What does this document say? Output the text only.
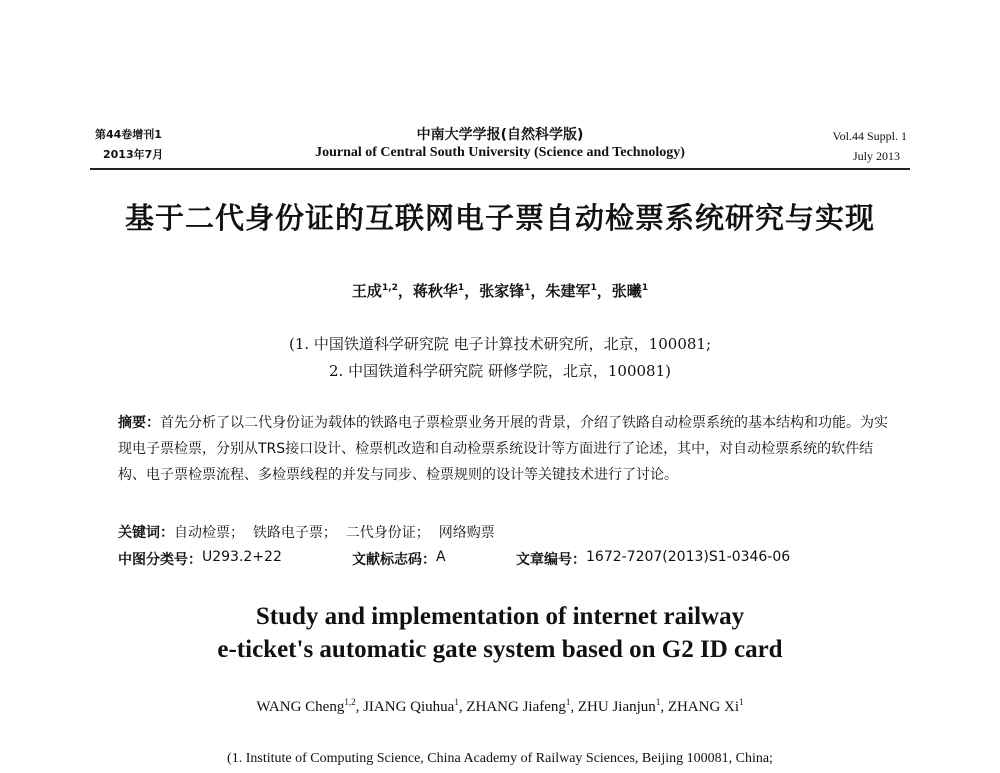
第44卷增刊1
2013年7月
中南大学学报(自然科学版)
Journal of Central South University (Science and Technology)
Vol.44 Suppl. 1
July 2013
基于二代身份证的互联网电子票自动检票系统研究与实现
王成$^{1,2}$，蒋秋华$^1$，张家锋$^1$，朱建军$^1$，张曦$^1$
(1. 中国铁道科学研究院 电子计算技术研究所，北京，100081;
2. 中国铁道科学研究院 研修学院，北京，100081)
摘要：首先分析了以二代身份证为载体的铁路电子票检票业务开展的背景，介绍了铁路自动检票系统的基本结构和功能。为实现电子票检票，分别从TRS接口设计、检票机改造和自动检票系统设计等方面进行了论述，其中，对自动检票系统的软件结构、电子票检票流程、多检票线程的并发与同步、检票规则的设计等关键技术进行了讨论。
关键词： 自动检票；  铁路电子票；  二代身份证；  网络购票
中图分类号： U293.2+22	文献标志码： A	文章编号： 1672-7207(2013)S1-0346-06
Study and implementation of internet railway
e-ticket's automatic gate system based on G2 ID card
WANG Cheng$^{1,2}$, JIANG Qiuhua$^1$, ZHANG Jiafeng$^1$, ZHU Jianjun$^1$, ZHANG Xi$^1$
(1. Institute of Computing Science, China Academy of Railway Sciences, Beijing 100081, China;
